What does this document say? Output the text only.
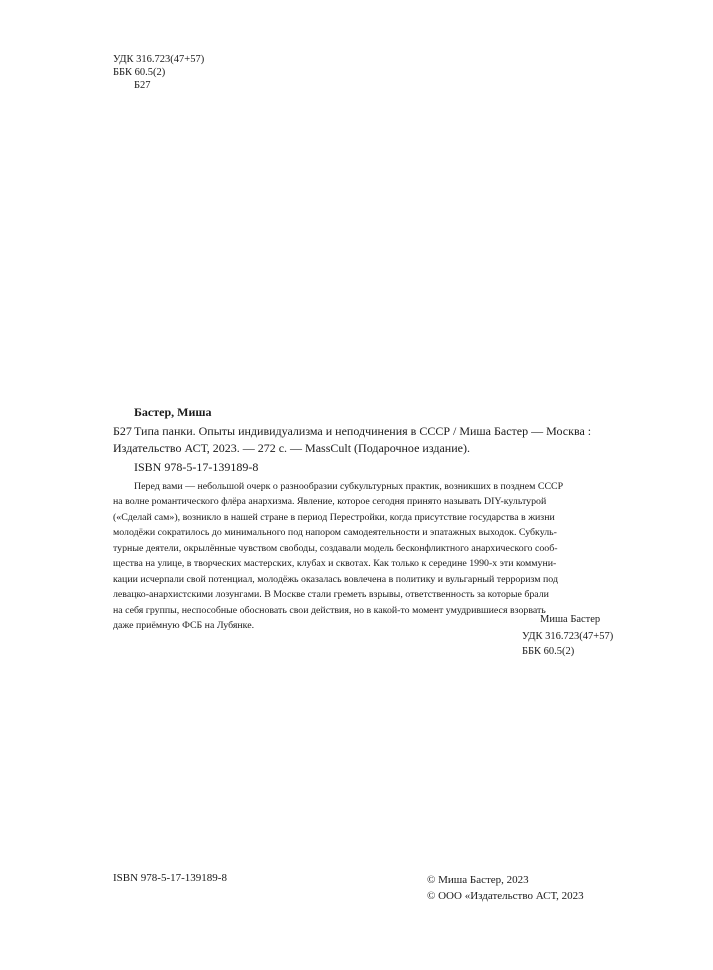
УДК 316.723(47+57)
ББК 60.5(2)
Б27
Бастер, Миша
Б27 Типа панки. Опыты индивидуализма и неподчинения в СССР / Миша Бастер — Москва :
Издательство АСТ, 2023. — 272 с. — MassCult (Подарочное издание).
ISBN 978-5-17-139189-8
Перед вами — небольшой очерк о разнообразии субкультурных практик, возникших в позднем СССР
на волне романтического флёра анархизма. Явление, которое сегодня принято называть DIY-культурой
(«Сделай сам»), возникло в нашей стране в период Перестройки, когда присутствие государства в жизни
молодёжи сократилось до минимального под напором самодеятельности и эпатажных выходок. Субкуль-
турные деятели, окрылённые чувством свободы, создавали модель бесконфликтного анархического сооб-
щества на улице, в творческих мастерских, клубах и сквотах. Как только к середине 1990-х эти коммуни-
кации исчерпали свой потенциал, молодёжь оказалась вовлечена в политику и вульгарный терроризм под
левацко-анархистскими лозунгами. В Москве стали греметь взрывы, ответственность за которые брали
на себя группы, неспособные обосновать свои действия, но в какой-то момент умудрившиеся взорвать
даже приёмную ФСБ на Лубянке.
Миша Бастер
УДК 316.723(47+57)
ББК 60.5(2)
ISBN 978-5-17-139189-8	© Миша Бастер, 2023
© ООО «Издательство АСТ, 2023
